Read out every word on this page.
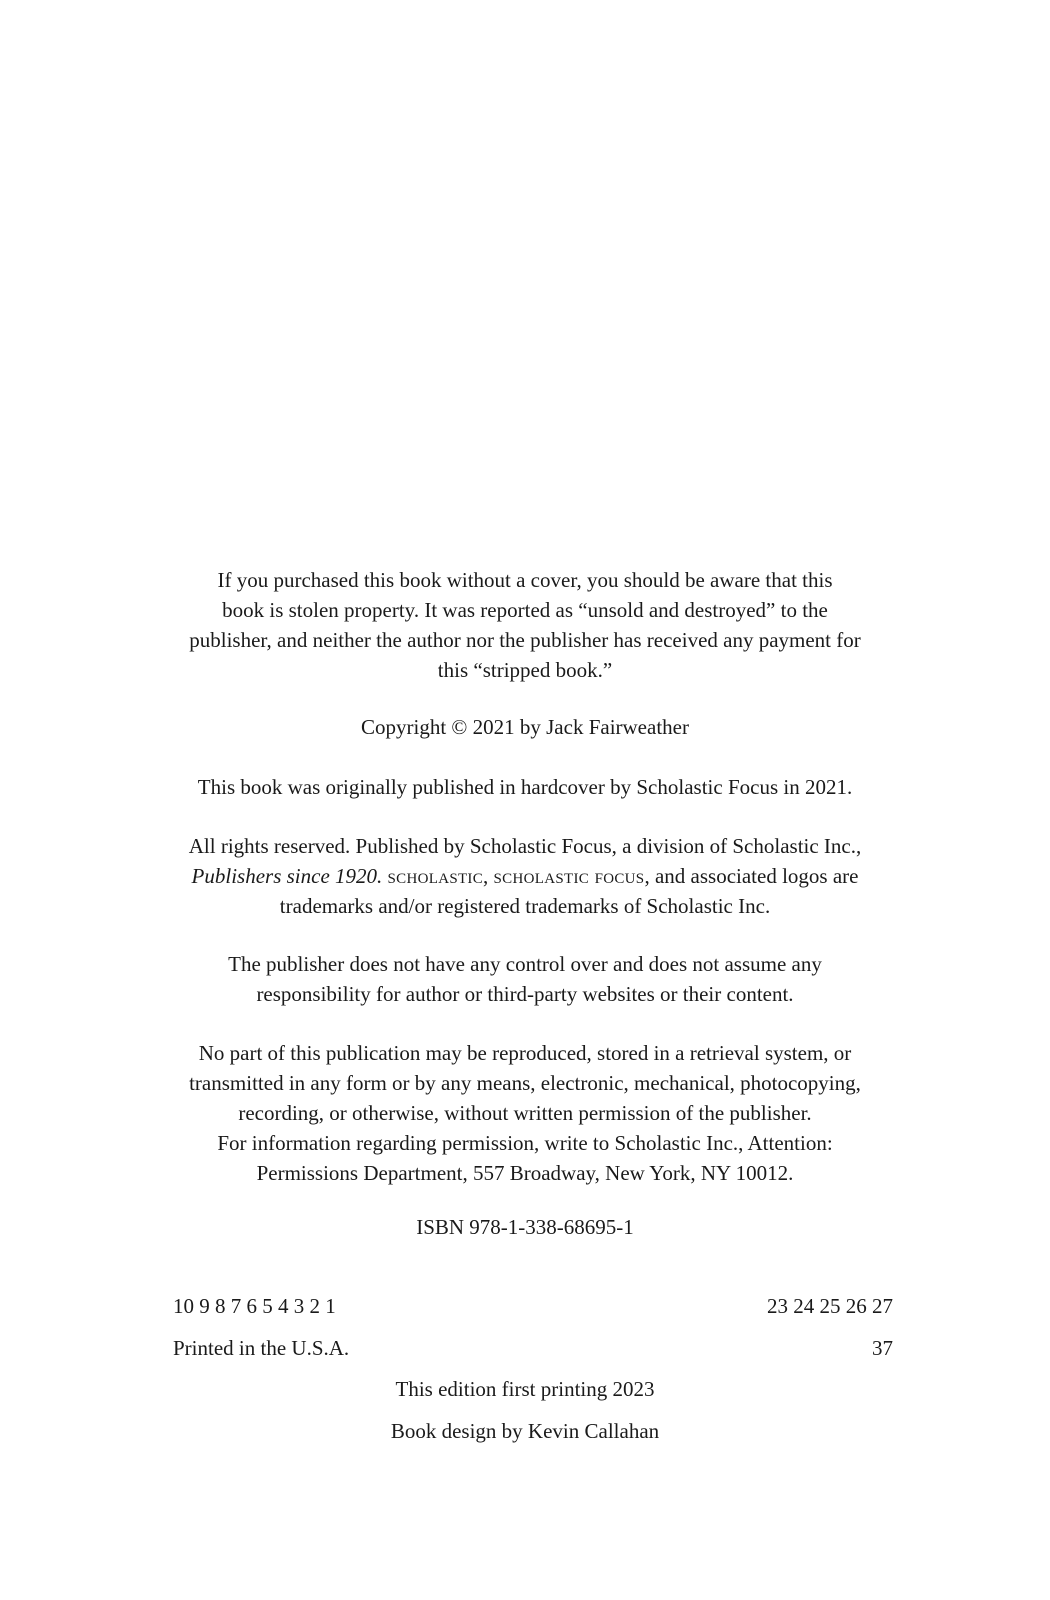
If you purchased this book without a cover, you should be aware that this
book is stolen property. It was reported as “unsold and destroyed” to the
publisher, and neither the author nor the publisher has received any payment for
this “stripped book.”

Copyright © 2021 by Jack Fairweather

This book was originally published in hardcover by Scholastic Focus in 2021.

All rights reserved. Published by Scholastic Focus, a division of Scholastic Inc.,
Publishers since 1920. scholastic, scholastic focus, and associated logos are
trademarks and/or registered trademarks of Scholastic Inc.

The publisher does not have any control over and does not assume any
responsibility for author or third-party websites or their content.

No part of this publication may be reproduced, stored in a retrieval system, or
transmitted in any form or by any means, electronic, mechanical, photocopying,
recording, or otherwise, without written permission of the publisher.
For information regarding permission, write to Scholastic Inc., Attention:
Permissions Department, 557 Broadway, New York, NY 10012.

ISBN 978-1-338-68695-1

10 9 8 7 6 5 4 3 2 1	23 24 25 26 27
Printed in the U.S.A.	37

This edition first printing 2023

Book design by Kevin Callahan
